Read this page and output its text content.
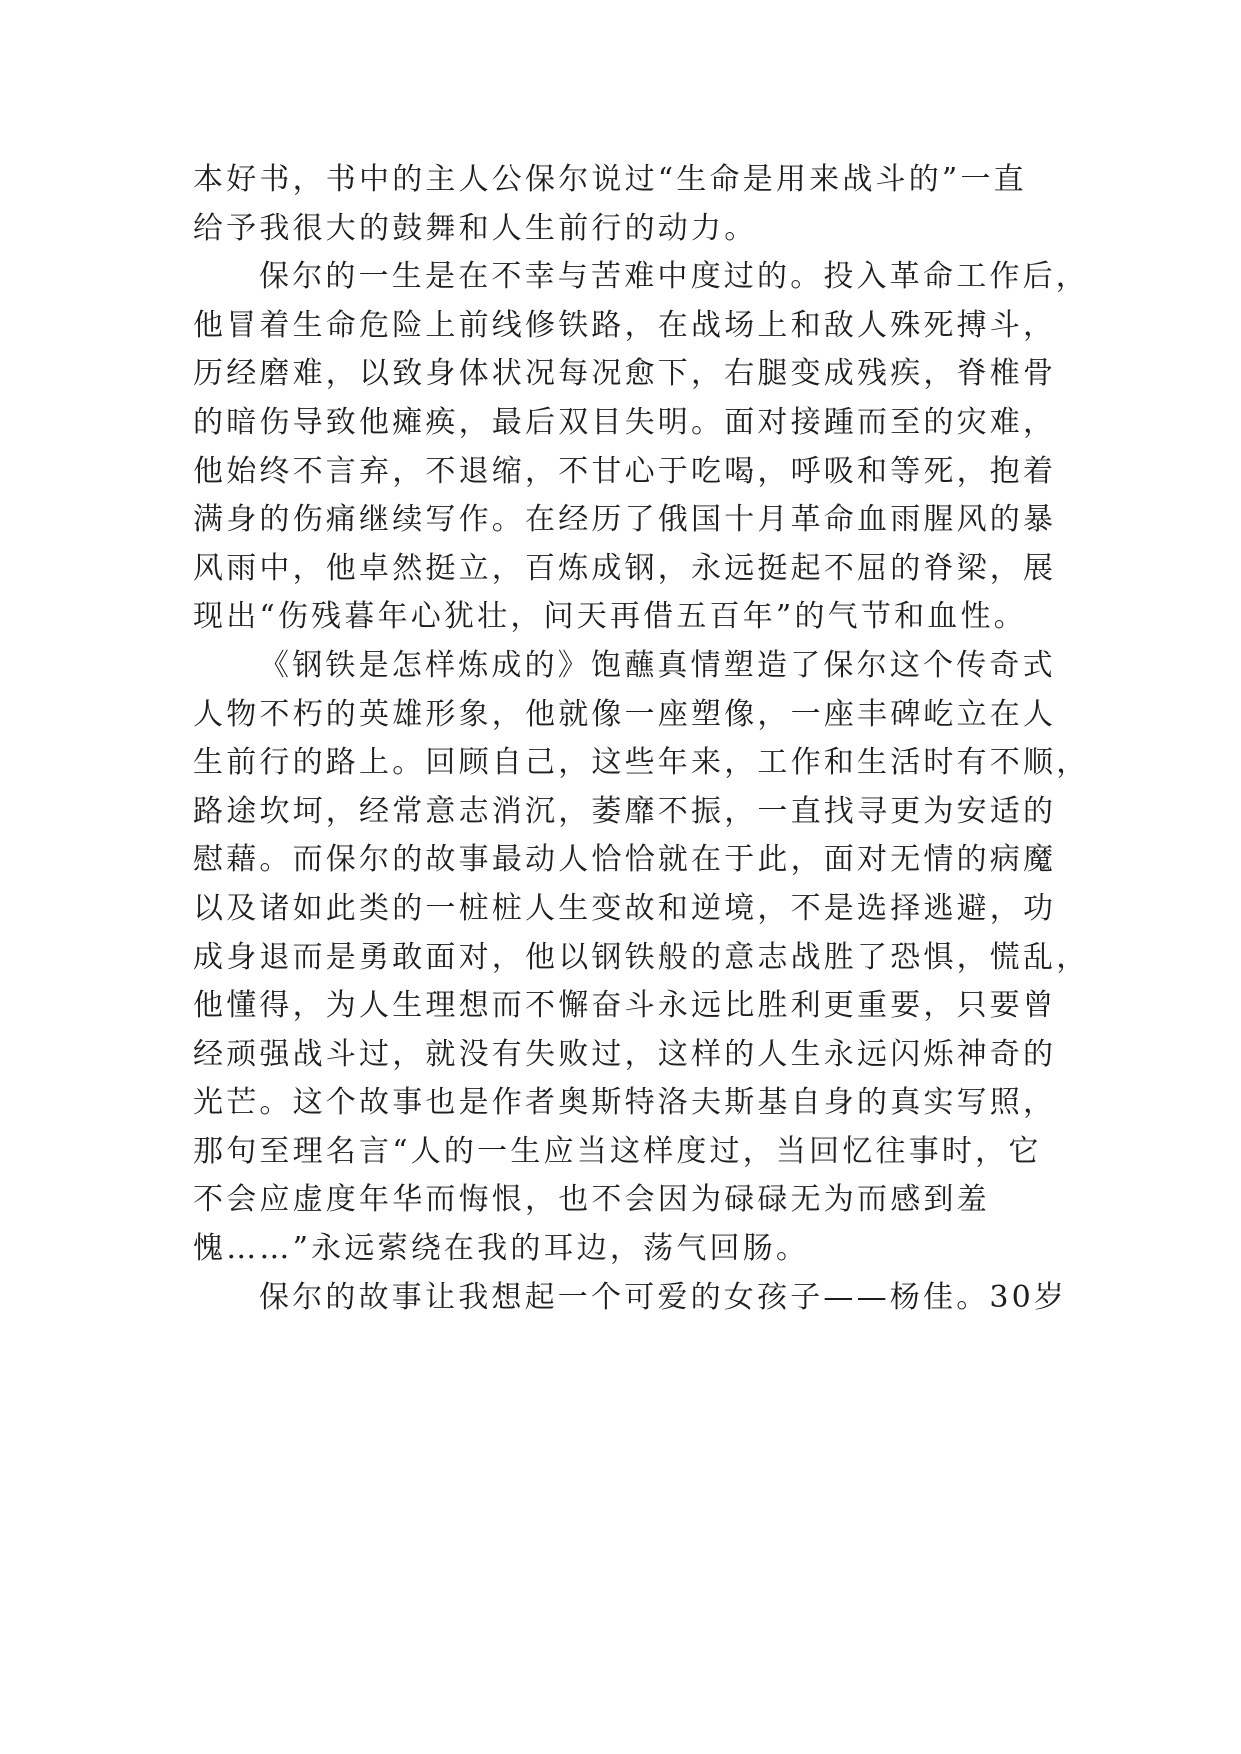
本好书，书中的主人公保尔说过“生命是用来战斗的”一直
给予我很大的鼓舞和人生前行的动力。
保尔的一生是在不幸与苦难中度过的。投入革命工作后，
他冒着生命危险上前线修铁路，在战场上和敌人殊死搏斗，
历经磨难，以致身体状况每况愈下，右腿变成残疾，脊椎骨
的暗伤导致他瘫痪，最后双目失明。面对接踵而至的灾难，
他始终不言弃，不退缩，不甘心于吃喝，呼吸和等死，抱着
满身的伤痛继续写作。在经历了俄国十月革命血雨腥风的暴
风雨中，他卓然挺立，百炼成钢，永远挺起不屈的脊梁，展
现出“伤残暮年心犹壮，问天再借五百年”的气节和血性。
《钢铁是怎样炼成的》饱蘸真情塑造了保尔这个传奇式
人物不朽的英雄形象，他就像一座塑像，一座丰碑屹立在人
生前行的路上。回顾自己，这些年来，工作和生活时有不顺，
路途坎坷，经常意志消沉，萎靡不振，一直找寻更为安适的
慰藉。而保尔的故事最动人恰恰就在于此，面对无情的病魔
以及诸如此类的一桩桩人生变故和逆境，不是选择逃避，功
成身退而是勇敢面对，他以钢铁般的意志战胜了恐惧，慌乱，
他懂得，为人生理想而不懈奋斗永远比胜利更重要，只要曾
经顽强战斗过，就没有失败过，这样的人生永远闪烁神奇的
光芒。这个故事也是作者奥斯特洛夫斯基自身的真实写照，
那句至理名言“人的一生应当这样度过，当回忆往事时，它
不会应虚度年华而悔恨，也不会因为碌碌无为而感到羞
愧……”永远萦绕在我的耳边，荡气回肠。
保尔的故事让我想起一个可爱的女孩子——杨佳。30岁
